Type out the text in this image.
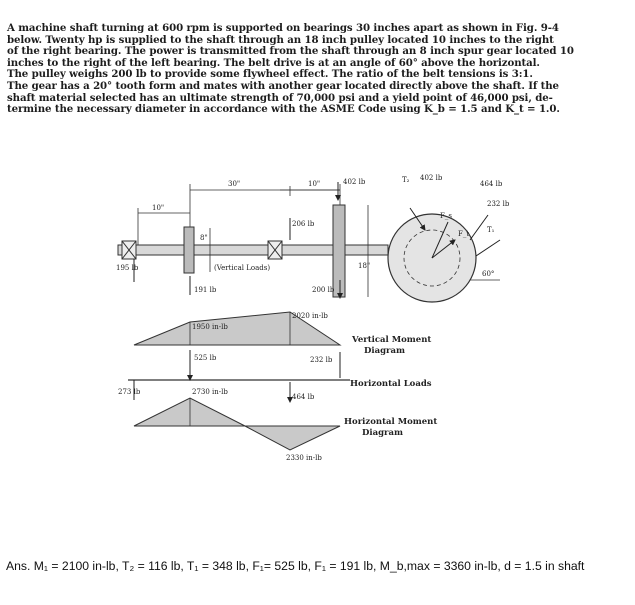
A machine shaft turning at 600 rpm is supported on bearings 30 inches apart as shown in Fig. 9-4
below. Twenty hp is supplied to the shaft through an 18 inch pulley located 10 inches to the right
of the right bearing. The power is transmitted from the shaft through an 8 inch spur gear located 10
inches to the right of the left bearing. The belt drive is at an angle of 60° above the horizontal.
The pulley weighs 200 lb to provide some flywheel effect. The ratio of the belt tensions is 3:1.
The gear has a 20° tooth form and mates with another gear located directly above the shaft. If the
shaft material selected has an ultimate strength of 70,000 psi and a yield point of 46,000 psi, de-
termine the necessary diameter in accordance with the ASME Code using K_b = 1.5 and K_t = 1.0.
30"
10"
10"	402 lb
206 lb
8"
18"
(Vertical Loads)
195 lb
191 lb	200 lb
2020 in-lb
1950 in-lb
Vertical Moment
Diagram
525 lb	232 lb
Horizontal Loads
273 lb
464 lb
2730 in-lb
2330 in-lb
Horizontal Moment
Diagram
T₂ 402 lb
464 lb
232 lb
T₁
60°
F_s
F_t
Ans. M₁ = 2100 in-lb, T₂ = 116 lb, T₁ = 348 lb, F₁= 525 lb, F₁ = 191 lb, M_b,max = 3360 in-lb, d = 1.5 in shaft
